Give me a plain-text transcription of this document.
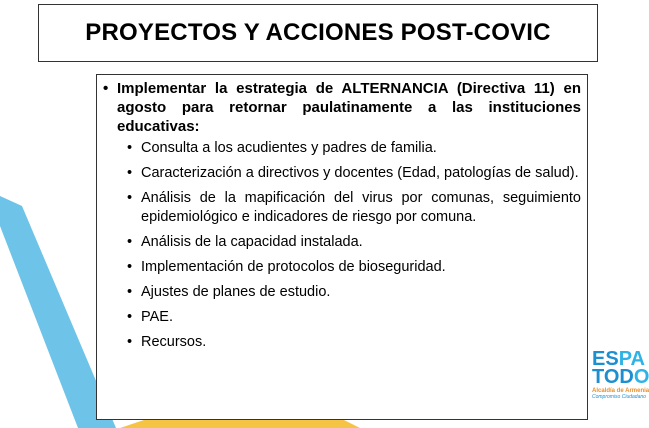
PROYECTOS Y ACCIONES POST-COVIC
• Implementar la estrategia de ALTERNANCIA (Directiva 11) en agosto para retornar paulatinamente a las instituciones educativas:
• Consulta a los acudientes y padres de familia.
• Caracterización a directivos y docentes (Edad, patologías de salud).
• Análisis de la mapificación del virus por comunas, seguimiento epidemiológico e indicadores de riesgo por comuna.
• Análisis de la capacidad instalada.
• Implementación de protocolos de bioseguridad.
• Ajustes de planes de estudio.
• PAE.
• Recursos.
ESPA
TODO
Alcaldía de Armenia
Compromiso Ciudadano
